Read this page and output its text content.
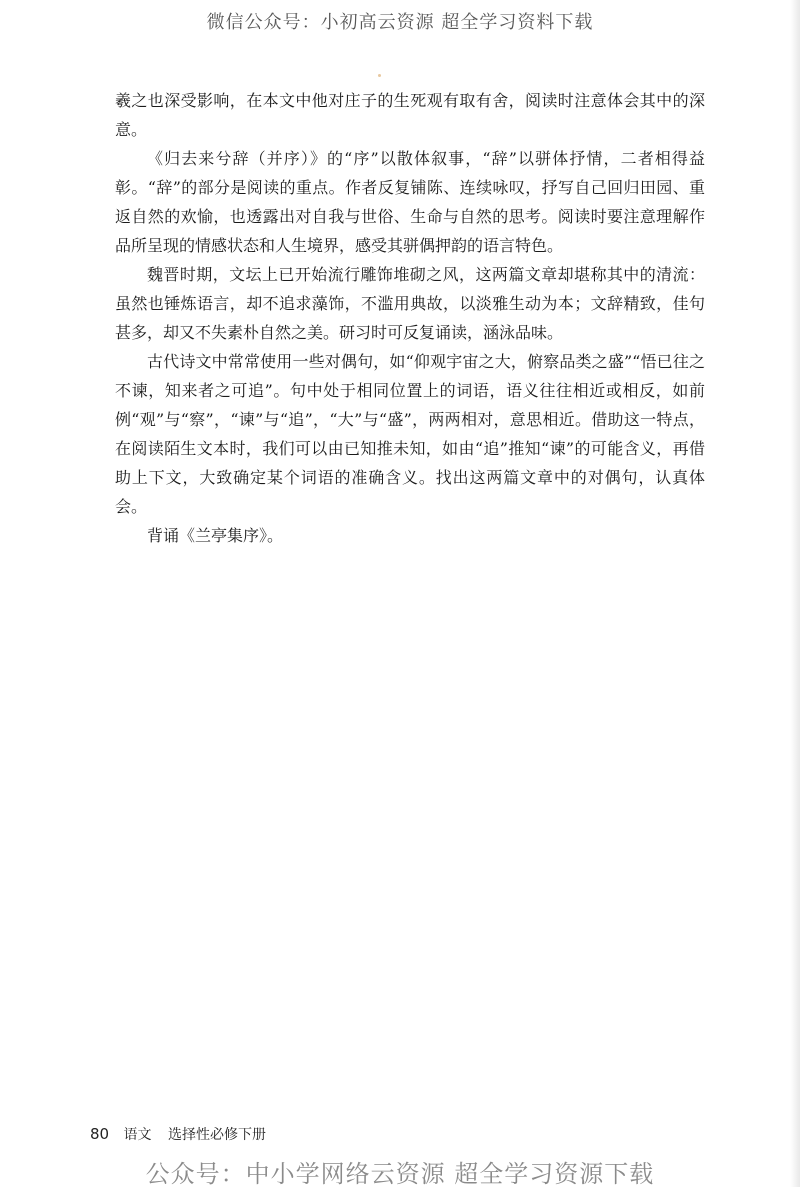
微信公众号：小初高云资源 超全学习资料下载

羲之也深受影响，在本文中他对庄子的生死观有取有舍，阅读时注意体会其中的深意。

《归去来兮辞（并序）》的“序”以散体叙事，“辞”以骈体抒情，二者相得益彰。“辞”的部分是阅读的重点。作者反复铺陈、连续咏叹，抒写自己回归田园、重返自然的欢愉，也透露出对自我与世俗、生命与自然的思考。阅读时要注意理解作品所呈现的情感状态和人生境界，感受其骈偶押韵的语言特色。

魏晋时期，文坛上已开始流行雕饰堆砌之风，这两篇文章却堪称其中的清流：虽然也锤炼语言，却不追求藻饰，不滥用典故，以淡雅生动为本；文辞精致，佳句甚多，却又不失素朴自然之美。研习时可反复诵读，涵泳品味。

古代诗文中常常使用一些对偶句，如“仰观宇宙之大，俯察品类之盛”“悟已往之不谏，知来者之可追”。句中处于相同位置上的词语，语义往往相近或相反，如前例“观”与“察”，“谏”与“追”，“大”与“盛”，两两相对，意思相近。借助这一特点，在阅读陌生文本时，我们可以由已知推未知，如由“追”推知“谏”的可能含义，再借助上下文，大致确定某个词语的准确含义。找出这两篇文章中的对偶句，认真体会。

背诵《兰亭集序》。

80 语文 选择性必修下册
公众号：中小学网络云资源 超全学习资源下载
